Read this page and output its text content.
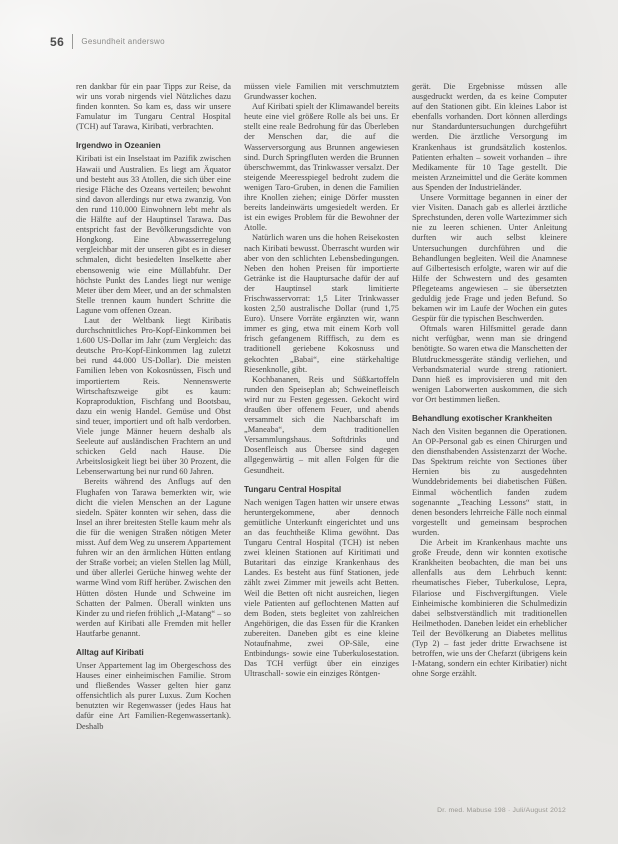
56 Gesundheit anderswo

ren dankbar für ein paar Tipps zur Reise, da wir uns vorab nirgends viel Nützliches dazu finden konnten. So kam es, dass wir unsere Famulatur im Tungaru Central Hospital (TCH) auf Tarawa, Kiribati, verbrachten.

Irgendwo in Ozeanien

Kiribati ist ein Inselstaat im Pazifik zwischen Hawaii und Australien. Es liegt am Äquator und besteht aus 33 Atollen, die sich über eine riesige Fläche des Ozeans verteilen; bewohnt sind davon allerdings nur etwa zwanzig. Von den rund 110.000 Einwohnern lebt mehr als die Hälfte auf der Hauptinsel Tarawa. Das entspricht fast der Bevölkerungsdichte von Hongkong. Eine Abwasserregelung vergleichbar mit der unseren gibt es in dieser schmalen, dicht besiedelten Inselkette aber ebensowenig wie eine Müllabfuhr. Der höchste Punkt des Landes liegt nur wenige Meter über dem Meer, und an der schmalsten Stelle trennen kaum hundert Schritte die Lagune vom offenen Ozean.

Laut der Weltbank liegt Kiribatis durchschnittliches Pro-Kopf-Einkommen bei 1.600 US-Dollar im Jahr (zum Vergleich: das deutsche Pro-Kopf-Einkommen lag zuletzt bei rund 44.000 US-Dollar). Die meisten Familien leben von Kokosnüssen, Fisch und importiertem Reis. Nennenswerte Wirtschaftszweige gibt es kaum: Kopraproduktion, Fischfang und Bootsbau, dazu ein wenig Handel. Gemüse und Obst sind teuer, importiert und oft halb verdorben. Viele junge Männer heuern deshalb als Seeleute auf ausländischen Frachtern an und schicken Geld nach Hause. Die Arbeitslosigkeit liegt bei über 30 Prozent, die Lebenserwartung bei nur rund 60 Jahren.

Bereits während des Anflugs auf den Flughafen von Tarawa bemerkten wir, wie dicht die vielen Menschen an der Lagune siedeln. Später konnten wir sehen, dass die Insel an ihrer breitesten Stelle kaum mehr als die für die wenigen Straßen nötigen Meter misst. Auf dem Weg zu unserem Appartement fuhren wir an den ärmlichen Hütten entlang der Straße vorbei; an vielen Stellen lag Müll, und über allerlei Gerüche hinweg wehte der warme Wind vom Riff herüber. Zwischen den Hütten dösten Hunde und Schweine im Schatten der Palmen. Überall winkten uns Kinder zu und riefen fröhlich „I-Matang“ – so werden auf Kiribati alle Fremden mit heller Hautfarbe genannt.

Alltag auf Kiribati

Unser Appartement lag im Obergeschoss des Hauses einer einheimischen Familie. Strom und fließendes Wasser gelten hier ganz offensichtlich als purer Luxus. Zum Kochen benutzten wir Regenwasser (jedes Haus hat dafür eine Art Familien-Regenwassertank). Deshalb

müssen viele Familien mit verschmutztem Grundwasser kochen.

Auf Kiribati spielt der Klimawandel bereits heute eine viel größere Rolle als bei uns. Er stellt eine reale Bedrohung für das Überleben der Menschen dar, die auf die Wasserversorgung aus Brunnen angewiesen sind. Durch Springfluten werden die Brunnen überschwemmt, das Trinkwasser versalzt. Der steigende Meeresspiegel bedroht zudem die wenigen Taro-Gruben, in denen die Familien ihre Knollen ziehen; einige Dörfer mussten bereits landeinwärts umgesiedelt werden. Er ist ein ewiges Problem für die Bewohner der Atolle.

Natürlich waren uns die hohen Reisekosten nach Kiribati bewusst. Überrascht wurden wir aber von den schlichten Lebensbedingungen. Neben den hohen Preisen für importierte Getränke ist die Hauptursache dafür der auf der Hauptinsel stark limitierte Frischwasservorrat: 1,5 Liter Trinkwasser kosten 2,50 australische Dollar (rund 1,75 Euro). Unsere Vorräte ergänzten wir, wann immer es ging, etwa mit einem Korb voll frisch gefangenem Rifffisch, zu dem es traditionell geriebene Kokosnuss und gekochten „Babai“, eine stärkehaltige Riesenknolle, gibt.

Kochbananen, Reis und Süßkartoffeln runden den Speiseplan ab; Schweinefleisch wird nur zu Festen gegessen. Gekocht wird draußen über offenem Feuer, und abends versammelt sich die Nachbarschaft im „Maneaba“, dem traditionellen Versammlungshaus. Softdrinks und Dosenfleisch aus Übersee sind dagegen allgegenwärtig – mit allen Folgen für die Gesundheit.

Tungaru Central Hospital

Nach wenigen Tagen hatten wir unsere etwas heruntergekommene, aber dennoch gemütliche Unterkunft eingerichtet und uns an das feuchtheiße Klima gewöhnt. Das Tungaru Central Hospital (TCH) ist neben zwei kleinen Stationen auf Kiritimati und Butaritari das einzige Krankenhaus des Landes. Es besteht aus fünf Stationen, jede zählt zwei Zimmer mit jeweils acht Betten. Weil die Betten oft nicht ausreichen, liegen viele Patienten auf geflochtenen Matten auf dem Boden, stets begleitet von zahlreichen Angehörigen, die das Essen für die Kranken zubereiten. Daneben gibt es eine kleine Notaufnahme, zwei OP-Säle, eine Entbindungs- sowie eine Tuberkulosestation. Das TCH verfügt über ein einziges Ultraschall- sowie ein einziges Röntgen-

gerät. Die Ergebnisse müssen alle ausgedruckt werden, da es keine Computer auf den Stationen gibt. Ein kleines Labor ist ebenfalls vorhanden. Dort können allerdings nur Standarduntersuchungen durchgeführt werden. Die ärztliche Versorgung im Krankenhaus ist grundsätzlich kostenlos. Patienten erhalten – soweit vorhanden – ihre Medikamente für 10 Tage gestellt. Die meisten Arzneimittel und die Geräte kommen aus Spenden der Industrieländer.

Unsere Vormittage begannen in einer der vier Visiten. Danach gab es allerlei ärztliche Sprechstunden, deren volle Wartezimmer sich nie zu leeren schienen. Unter Anleitung durften wir auch selbst kleinere Untersuchungen durchführen und die Behandlungen begleiten. Weil die Anamnese auf Gilbertesisch erfolgte, waren wir auf die Hilfe der Schwestern und des gesamten Pflegeteams angewiesen – sie übersetzten geduldig jede Frage und jeden Befund. So bekamen wir im Laufe der Wochen ein gutes Gespür für die typischen Beschwerden.

Oftmals waren Hilfsmittel gerade dann nicht verfügbar, wenn man sie dringend benötigte. So waren etwa die Manschetten der Blutdruckmessgeräte ständig verliehen, und Verbandsmaterial wurde streng rationiert. Dann hieß es improvisieren und mit den wenigen Laborwerten auskommen, die sich vor Ort bestimmen ließen.

Behandlung exotischer Krankheiten

Nach den Visiten begannen die Operationen. An OP-Personal gab es einen Chirurgen und den diensthabenden Assistenzarzt der Woche. Das Spektrum reichte von Sectiones über Hernien bis zu ausgedehnten Wunddebridements bei diabetischen Füßen. Einmal wöchentlich fanden zudem sogenannte „Teaching Lessons“ statt, in denen besonders lehrreiche Fälle noch einmal vorgestellt und gemeinsam besprochen wurden.

Die Arbeit im Krankenhaus machte uns große Freude, denn wir konnten exotische Krankheiten beobachten, die man bei uns allenfalls aus dem Lehrbuch kennt: rheumatisches Fieber, Tuberkulose, Lepra, Filariose und Fischvergiftungen. Viele Einheimische kombinieren die Schulmedizin dabei selbstverständlich mit traditionellen Heilmethoden. Daneben leidet ein erheblicher Teil der Bevölkerung an Diabetes mellitus (Typ 2) – fast jeder dritte Erwachsene ist betroffen, wie uns der Chefarzt (übrigens kein I-Matang, sondern ein echter Kiribatier) nicht ohne Sorge erzählt.

Dr. med. Mabuse 198 · Juli/August 2012
